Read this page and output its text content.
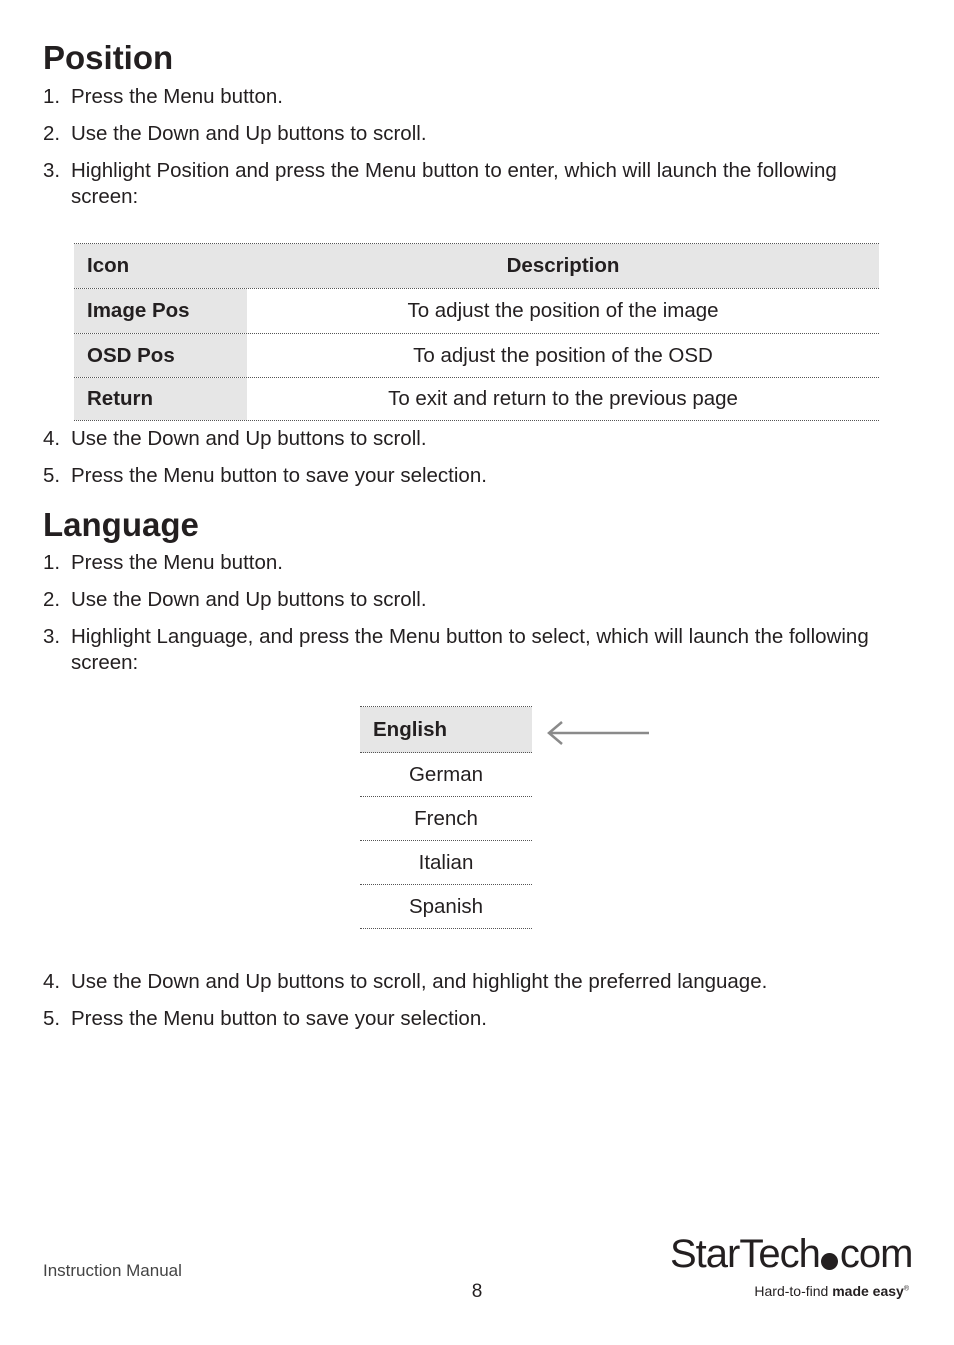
Position
1. Press the Menu button.
2. Use the Down and Up buttons to scroll.
3. Highlight Position and press the Menu button to enter, which will launch the following screen:
Icon	Description
Image Pos	To adjust the position of the image
OSD Pos	To adjust the position of the OSD
Return	To exit and return to the previous page
4. Use the Down and Up buttons to scroll.
5. Press the Menu button to save your selection.
Language
1. Press the Menu button.
2. Use the Down and Up buttons to scroll.
3. Highlight Language, and press the Menu button to select, which will launch the following screen:
English
German
French
Italian
Spanish
4. Use the Down and Up buttons to scroll, and highlight the preferred language.
5. Press the Menu button to save your selection.
Instruction Manual
8
StarTech com
Hard-to-find made easy®
